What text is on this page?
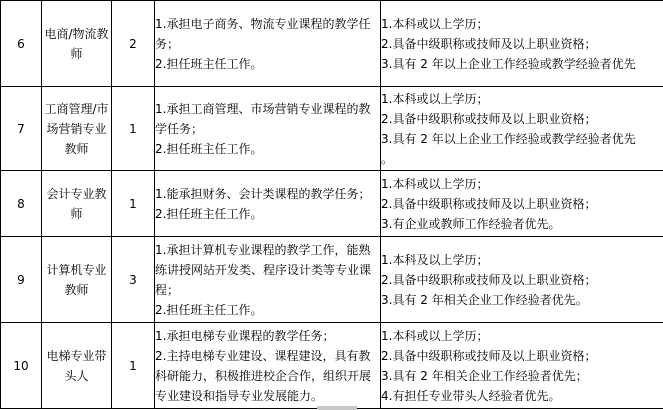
6	电商/物流教师	2	1.承担电子商务、物流专业课程的教学任务；
2.担任班主任工作。	1.本科或以上学历；
2.具备中级职称或技师及以上职业资格；
3.具有 2 年以上企业工作经验或教学经验者优先

7	工商管理/市场营销专业教师	1	1.承担工商管理、市场营销专业课程的教学任务；
2.担任班主任工作。	1.本科或以上学历；
2.具备中级职称或技师及以上职业资格；
3.具有 2 年以上企业工作经验或教学经验者优先
。

8	会计专业教师	1	1.能承担财务、会计类课程的教学任务；
2.担任班主任工作。	1.本科或以上学历；
2.具备中级职称或技师及以上职业资格；
3.有企业或教师工作经验者优先。

9	计算机专业教师	3	1.承担计算机专业课程的教学工作，能熟练讲授网站开发类、程序设计类等专业课程；
2.担任班主任工作。	1.本科及以上学历；
2.具备中级职称或技师及以上职业资格；
3.具有 2 年相关企业工作经验者优先。

10	电梯专业带头人	1	1.承担电梯专业课程的教学任务；
2.主持电梯专业建设、课程建设，具有教科研能力，积极推进校企合作，组织开展专业建设和指导专业发展能力。	1.本科或以上学历；
2.具备中级职称或技师及以上职业资格；
3.具有 2 年相关企业工作经验者优先；
4.有担任专业带头人经验者优先。
